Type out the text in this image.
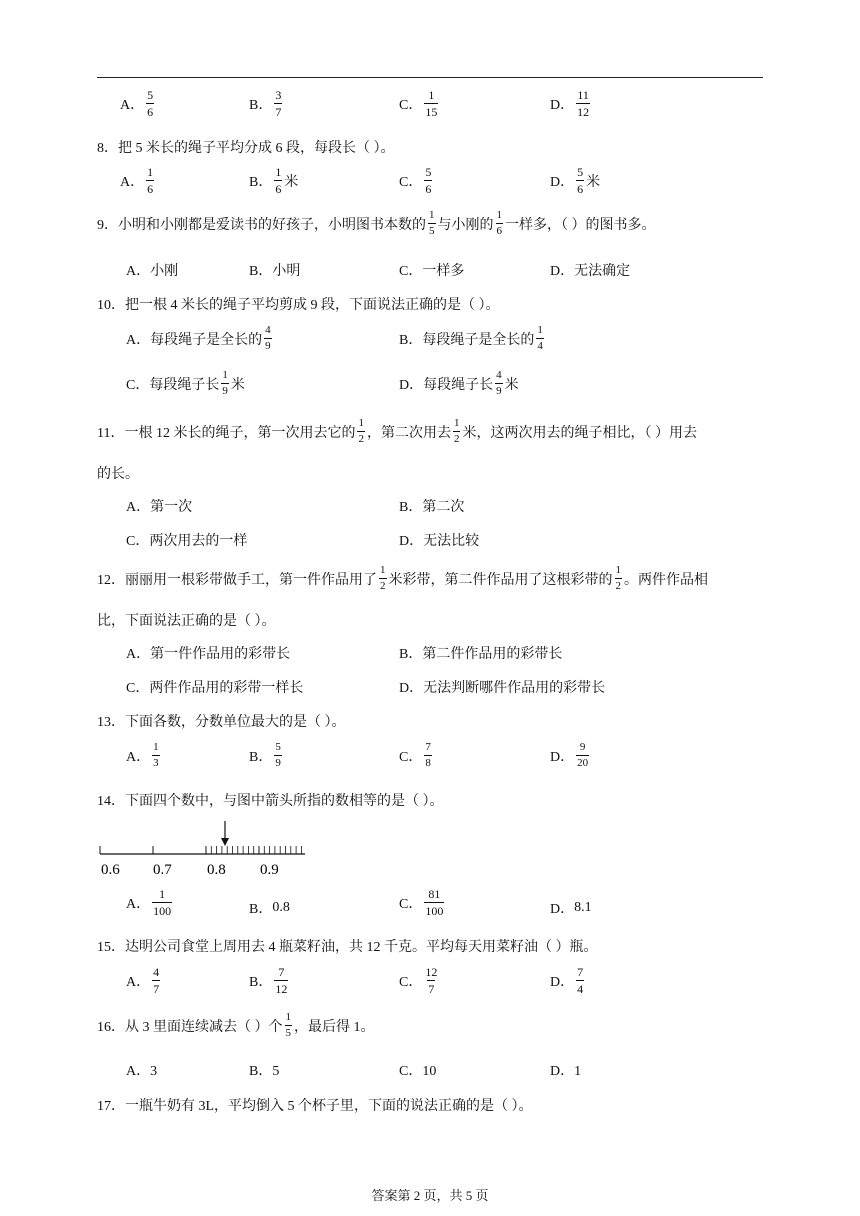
A． $\frac{5}{6}$	B． $\frac{3}{7}$	C． $\frac{1}{15}$	D． $\frac{11}{12}$
8．把 5 米长的绳子平均分成 6 段，每段长（ ）。
A． $\frac{1}{6}$	B． $\frac{1}{6}$ 米	C． $\frac{5}{6}$	D． $\frac{5}{6}$ 米
9．小明和小刚都是爱读书的好孩子，小明图书本数的 $\frac{1}{5}$ 与小刚的 $\frac{1}{6}$ 一样多，（ ）的图书多。
A．小刚	B．小明	C．一样多	D．无法确定
10．把一根 4 米长的绳子平均剪成 9 段，下面说法正确的是（ ）。
A．每段绳子是全长的 $\frac{4}{9}$	B．每段绳子是全长的 $\frac{1}{4}$
C．每段绳子长 $\frac{1}{9}$ 米	D．每段绳子长 $\frac{4}{9}$ 米
11．一根 12 米长的绳子，第一次用去它的 $\frac{1}{2}$ ，第二次用去 $\frac{1}{2}$ 米，这两次用去的绳子相比，（ ）用去
的长。
A．第一次	B．第二次
C．两次用去的一样	D．无法比较
12．丽丽用一根彩带做手工，第一件作品用了 $\frac{1}{2}$ 米彩带，第二件作品用了这根彩带的 $\frac{1}{2}$ 。两件作品相
比，下面说法正确的是（ ）。
A．第一件作品用的彩带长	B．第二件作品用的彩带长
C．两件作品用的彩带一样长	D．无法判断哪件作品用的彩带长
13．下面各数，分数单位最大的是（ ）。
A． $\frac{1}{3}$	B． $\frac{5}{9}$	C． $\frac{7}{8}$	D． $\frac{9}{20}$
14．下面四个数中，与图中箭头所指的数相等的是（ ）。
0.6 0.7 0.8 0.9
A． $\frac{1}{100}$	B． 0.8	C． $\frac{81}{100}$	D． 8.1
15．达明公司食堂上周用去 4 瓶菜籽油，共 12 千克。平均每天用菜籽油（ ）瓶。
A． $\frac{4}{7}$	B． $\frac{7}{12}$	C． $\frac{12}{7}$	D． $\frac{7}{4}$
16．从 3 里面连续减去（ ）个 $\frac{1}{5}$ ，最后得 1。
A．3	B．5	C．10	D．1
17．一瓶牛奶有 3L，平均倒入 5 个杯子里，下面的说法正确的是（ ）。
答案第 2 页，共 5 页
